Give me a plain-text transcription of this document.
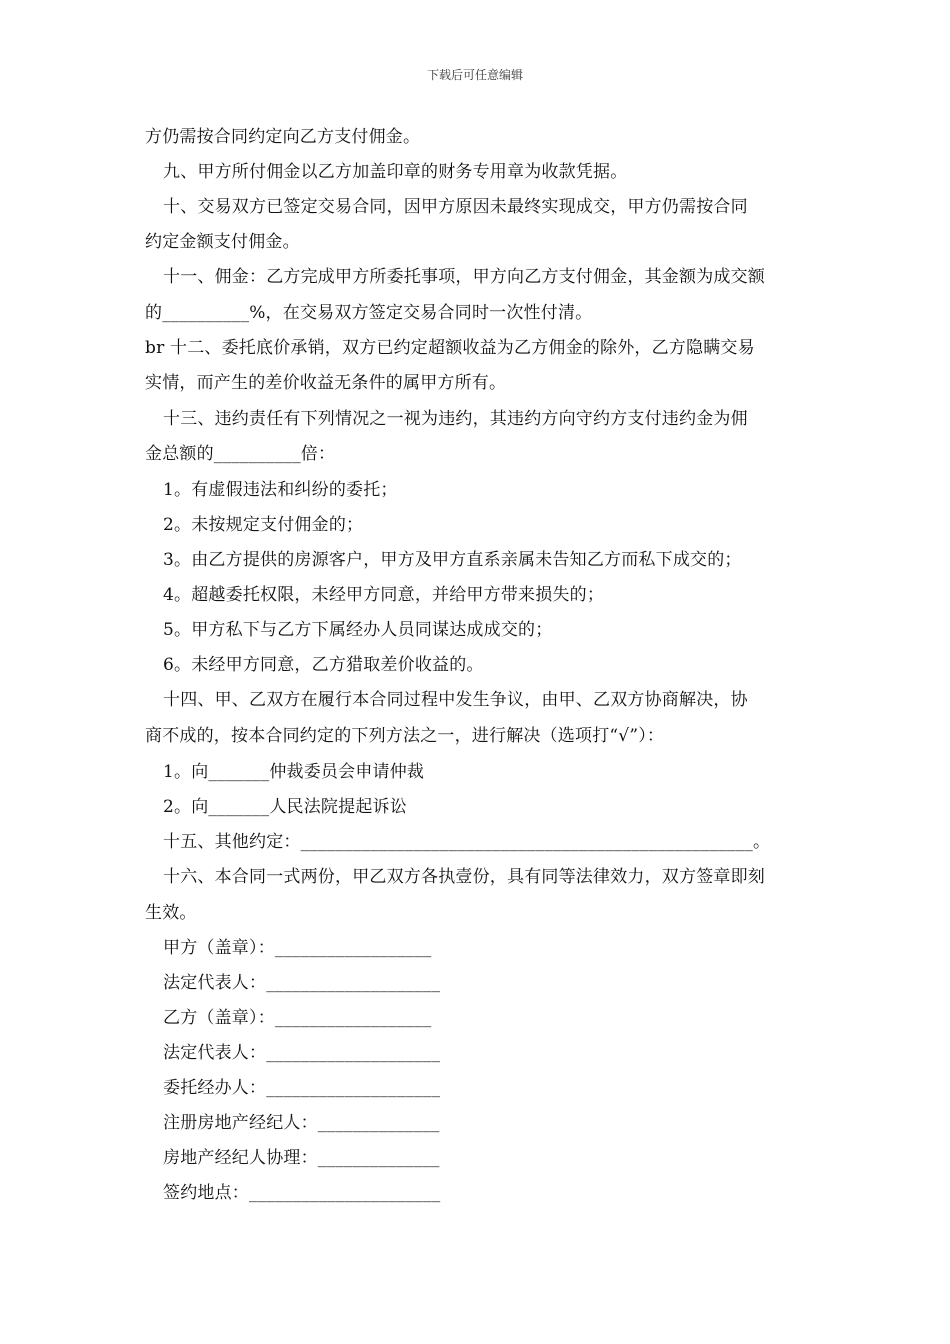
下载后可任意编辑
方仍需按合同约定向乙方支付佣金。
九、甲方所付佣金以乙方加盖印章的财务专用章为收款凭据。
十、交易双方已签定交易合同，因甲方原因未最终实现成交，甲方仍需按合同
约定金额支付佣金。
十一、佣金：乙方完成甲方所委托事项，甲方向乙方支付佣金，其金额为成交额
的__________%，在交易双方签定交易合同时一次性付清。
br 十二、委托底价承销，双方已约定超额收益为乙方佣金的除外，乙方隐瞒交易
实情，而产生的差价收益无条件的属甲方所有。
十三、违约责任有下列情况之一视为违约，其违约方向守约方支付违约金为佣
金总额的__________倍：
1。有虚假违法和纠纷的委托；
2。未按规定支付佣金的；
3。由乙方提供的房源客户，甲方及甲方直系亲属未告知乙方而私下成交的；
4。超越委托权限，未经甲方同意，并给甲方带来损失的；
5。甲方私下与乙方下属经办人员同谋达成成交的；
6。未经甲方同意，乙方猎取差价收益的。
十四、甲、乙双方在履行本合同过程中发生争议，由甲、乙双方协商解决，协
商不成的，按本合同约定的下列方法之一，进行解决（选项打“√”）：
1。向_______仲裁委员会申请仲裁
2。向_______人民法院提起诉讼
十五、其他约定：____________________________________________________。
十六、本合同一式两份，甲乙双方各执壹份，具有同等法律效力，双方签章即刻
生效。
甲方（盖章）：__________________
法定代表人：____________________
乙方（盖章）：__________________
法定代表人：____________________
委托经办人：____________________
注册房地产经纪人：______________
房地产经纪人协理：______________
签约地点：______________________
